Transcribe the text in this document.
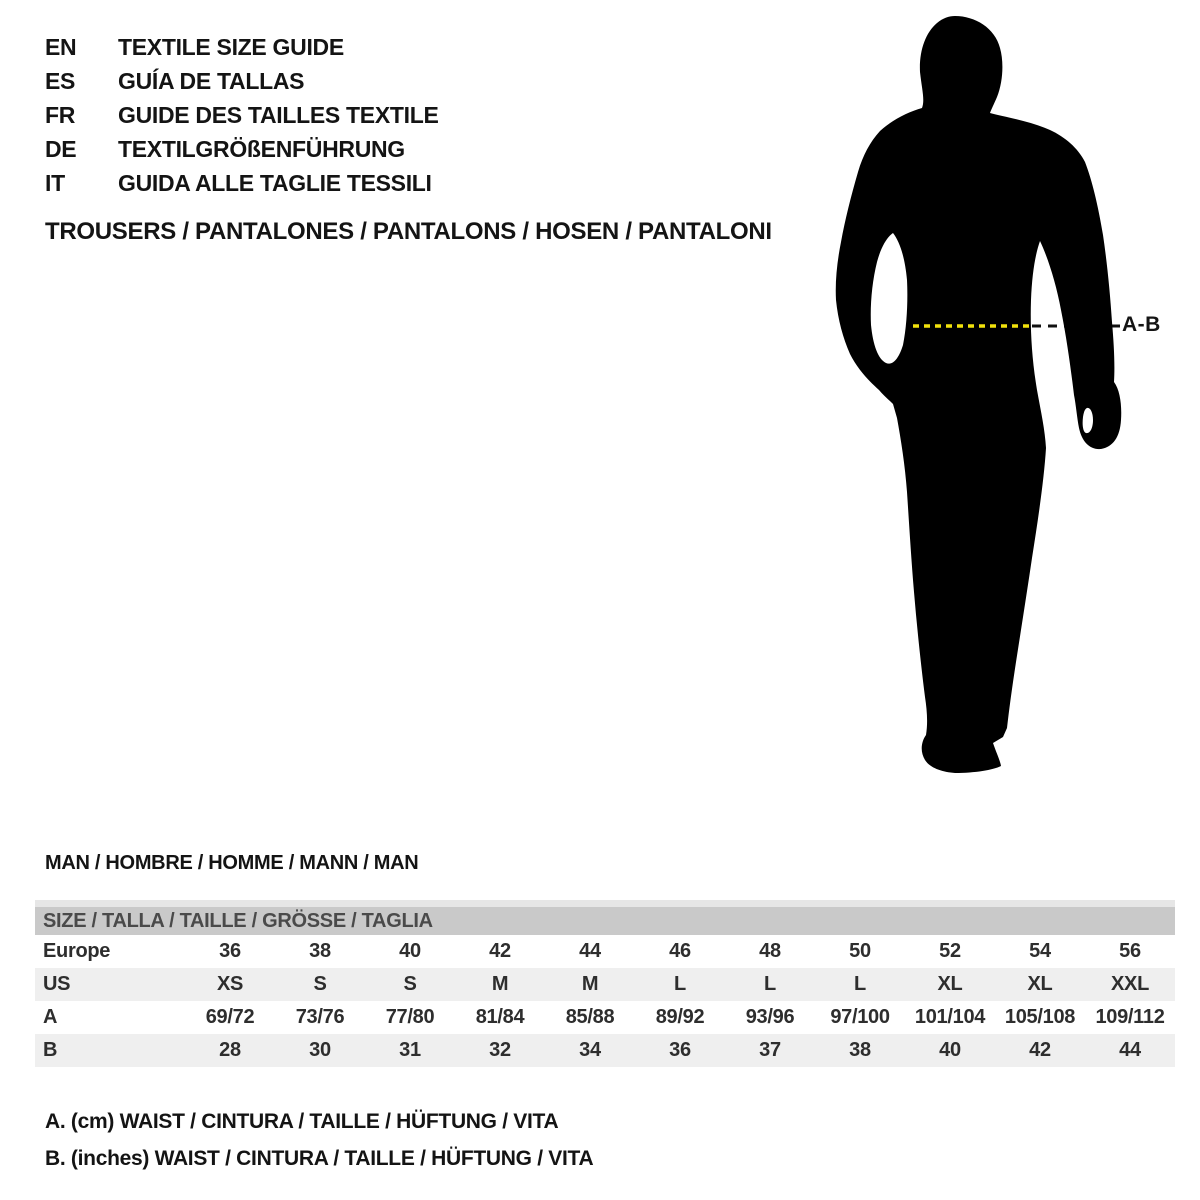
A-B
EN	TEXTILE SIZE GUIDE
ES	GUÍA DE TALLAS
FR	GUIDE DES TAILLES TEXTILE
DE	TEXTILGRÖßENFÜHRUNG
IT	GUIDA ALLE TAGLIE TESSILI
TROUSERS / PANTALONES / PANTALONS / HOSEN / PANTALONI
MAN / HOMBRE / HOMME / MANN / MAN
SIZE / TALLA / TAILLE / GRÖSSE / TAGLIA
Europe	36	38	40	42	44	46	48	50	52	54	56
US	XS	S	S	M	M	L	L	L	XL	XL	XXL
A	69/72	73/76	77/80	81/84	85/88	89/92	93/96	97/100	101/104 105/108	109/112
B	28	30	31	32	34	36	37	38	40	42	44
A. (cm) WAIST / CINTURA / TAILLE / HÜFTUNG / VITA
B. (inches) WAIST / CINTURA / TAILLE / HÜFTUNG / VITA
